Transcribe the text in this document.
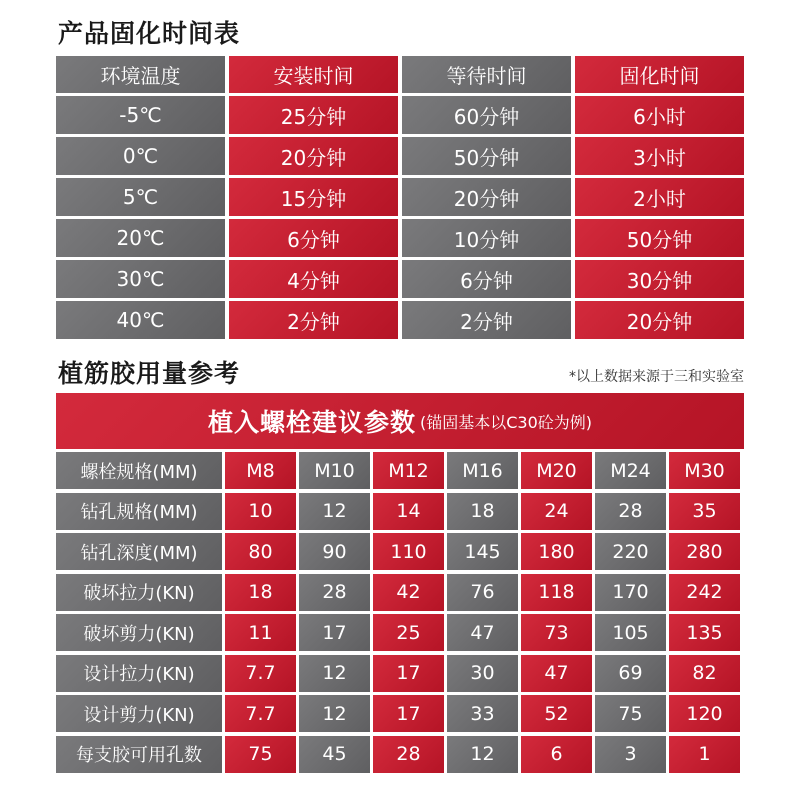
产品固化时间表
环境温度	安装时间	等待时间	固化时间
-5℃	25分钟	60分钟	6小时
0℃	20分钟	50分钟	3小时
5℃	15分钟	20分钟	2小时
20℃	6分钟	10分钟	50分钟
30℃	4分钟	6分钟	30分钟
40℃	2分钟	2分钟	20分钟
植筋胶用量参考	*以上数据来源于三和实验室
植入螺栓建议参数 (锚固基本以C30砼为例)
螺栓规格(MM)	M8	M10	M12	M16	M20	M24	M30
钻孔规格(MM)	10	12	14	18	24	28	35
钻孔深度(MM)	80	90	110	145	180	220	280
破坏拉力(KN)	18	28	42	76	118	170	242
破坏剪力(KN)	11	17	25	47	73	105	135
设计拉力(KN)	7.7	12	17	30	47	69	82
设计剪力(KN)	7.7	12	17	33	52	75	120
每支胶可用孔数	75	45	28	12	6	3	1
